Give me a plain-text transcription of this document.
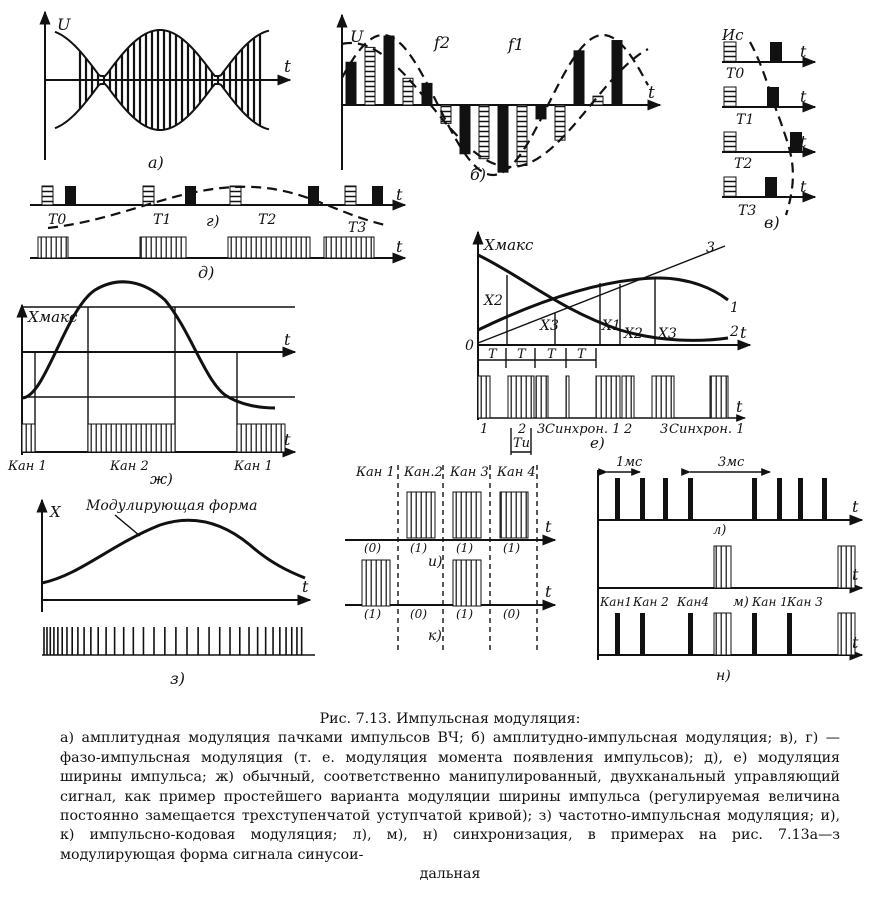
U
t
а)
U
t
f2	f1
б)
Ис
t
t
t
t
T0
T1
T2
T3
в)
t
T0	T1 г)	T2	T3
t
д)
Xмакс
t
t
0
X2
X3	X1 X2 X3
1
2
3
T T T T
1 2 3 Синхрон. 1 2 3 Синхрон. 1
Tu	е)
Xмакс
t
t
Кан 1	Кан 2	Кан 1
ж)
X
t
Модулирующая форма
з)
Кан 1 Кан.2 Кан 3 Кан 4
t
t
(0) (1) (1)	(1)
и)
(1) (0) (1)	(0)
к)
1мс	3мс
t
t
t
л)
м)
Кан1 Кан 2 Кан4	Кан 1 Кан 3
н)
Рис. 7.13. Импульсная модуляция:
а) амплитудная модуляция пачками импульсов ВЧ; б) амплитудно-импульсная модуляция; в), г) — фазо-импульсная модуляция (т. е. модуляция момента появления импульсов); д), е) модуляция ширины импульса; ж) обычный, соответственно манипулированный, двухканальный управляющий сигнал, как пример простейшего варианта модуляции ширины импульса (регулируемая величина постоянно замещается трехступенчатой уступчатой кривой); з) частотно-импульсная модуляция; и), к) импульсно-кодовая модуляция; л), м), н) синхронизация, в примерах на рис. 7.13а—з модулирующая форма сигнала синусои-
дальная
